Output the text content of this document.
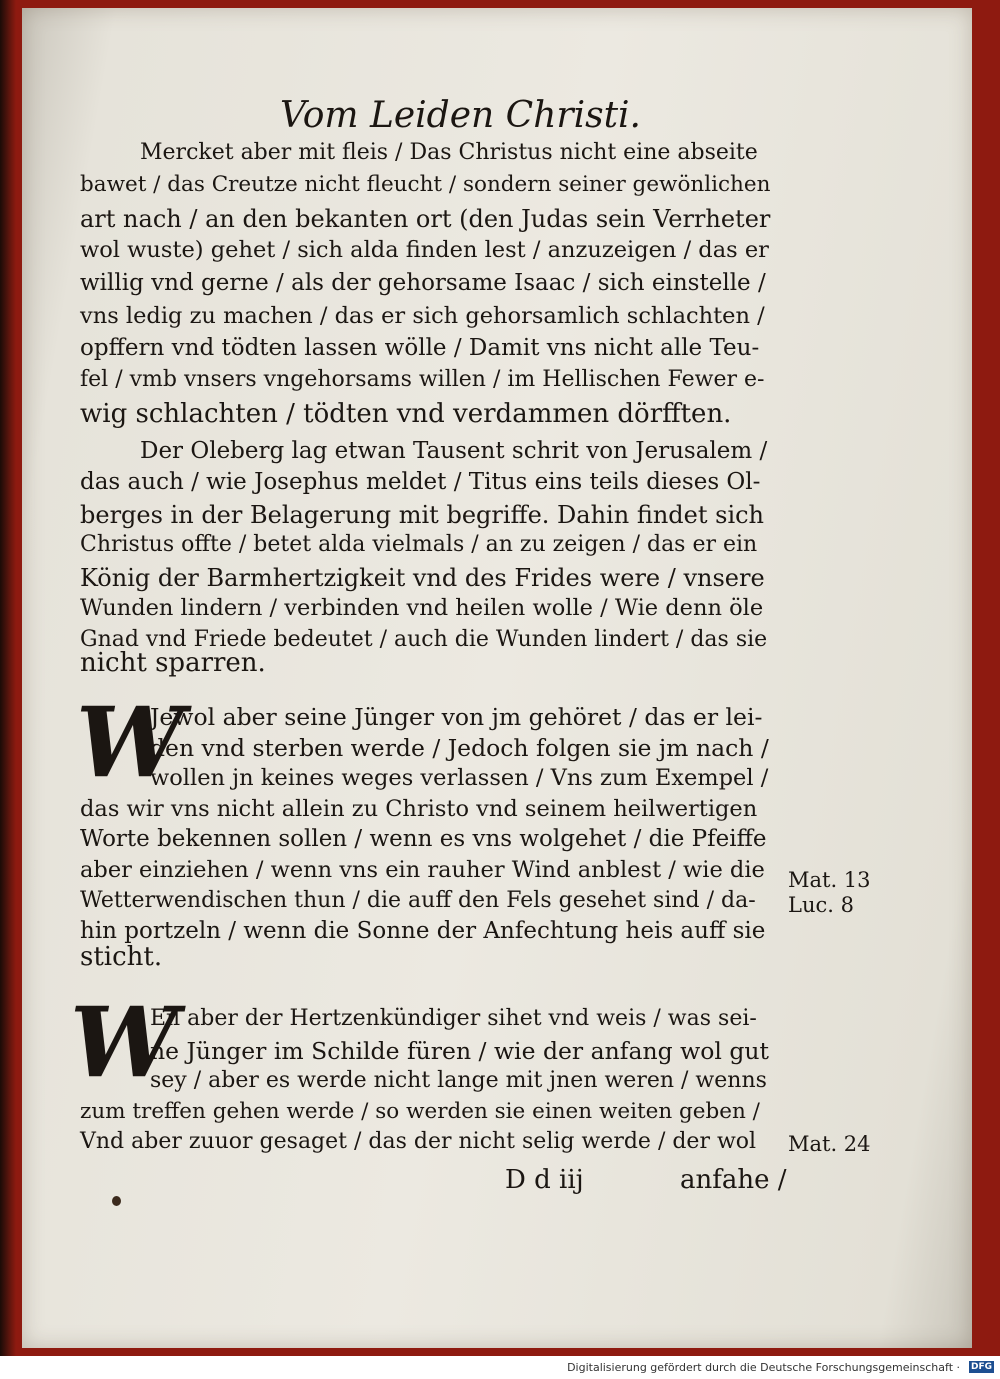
Vom Leiden Christi.
Mercket aber mit fleis / Das Christus nicht eine abseite
bawet / das Creutze nicht fleucht / sondern seiner gewönlichen
art nach / an den bekanten ort (den Judas sein Verrheter
wol wuste) gehet / sich alda finden lest / anzuzeigen / das er
willig vnd gerne / als der gehorsame Isaac / sich einstelle /
vns ledig zu machen / das er sich gehorsamlich schlachten /
opffern vnd tödten lassen wölle / Damit vns nicht alle Teu-
fel / vmb vnsers vngehorsams willen / im Hellischen Fewer e-
wig schlachten / tödten vnd verdammen dörfften.
Der Oleberg lag etwan Tausent schrit von Jerusalem /
das auch / wie Josephus meldet / Titus eins teils dieses Ol-
berges in der Belagerung mit begriffe. Dahin findet sich
Christus offte / betet alda vielmals / an zu zeigen / das er ein
König der Barmhertzigkeit vnd des Frides were / vnsere
Wunden lindern / verbinden vnd heilen wolle / Wie denn öle
Gnad vnd Friede bedeutet / auch die Wunden lindert / das sie
nicht sparren.
W
Jewol aber seine Jünger von jm gehöret / das er lei-
den vnd sterben werde / Jedoch folgen sie jm nach /
wollen jn keines weges verlassen / Vns zum Exempel /
das wir vns nicht allein zu Christo vnd seinem heilwertigen
Worte bekennen sollen / wenn es vns wolgehet / die Pfeiffe
aber einziehen / wenn vns ein rauher Wind anblest / wie die
Wetterwendischen thun / die auff den Fels gesehet sind / da-
hin portzeln / wenn die Sonne der Anfechtung heis auff sie
sticht.
Mat. 13
Luc. 8
W
Eil aber der Hertzenkündiger sihet vnd weis / was sei-
ne Jünger im Schilde füren / wie der anfang wol gut
sey / aber es werde nicht lange mit jnen weren / wenns
zum treffen gehen werde / so werden sie einen weiten geben /
Vnd aber zuuor gesaget / das der nicht selig werde / der wol Mat. 24
D d iij	anfahe /
Digitalisierung gefördert durch die Deutsche Forschungsgemeinschaft · DFG
